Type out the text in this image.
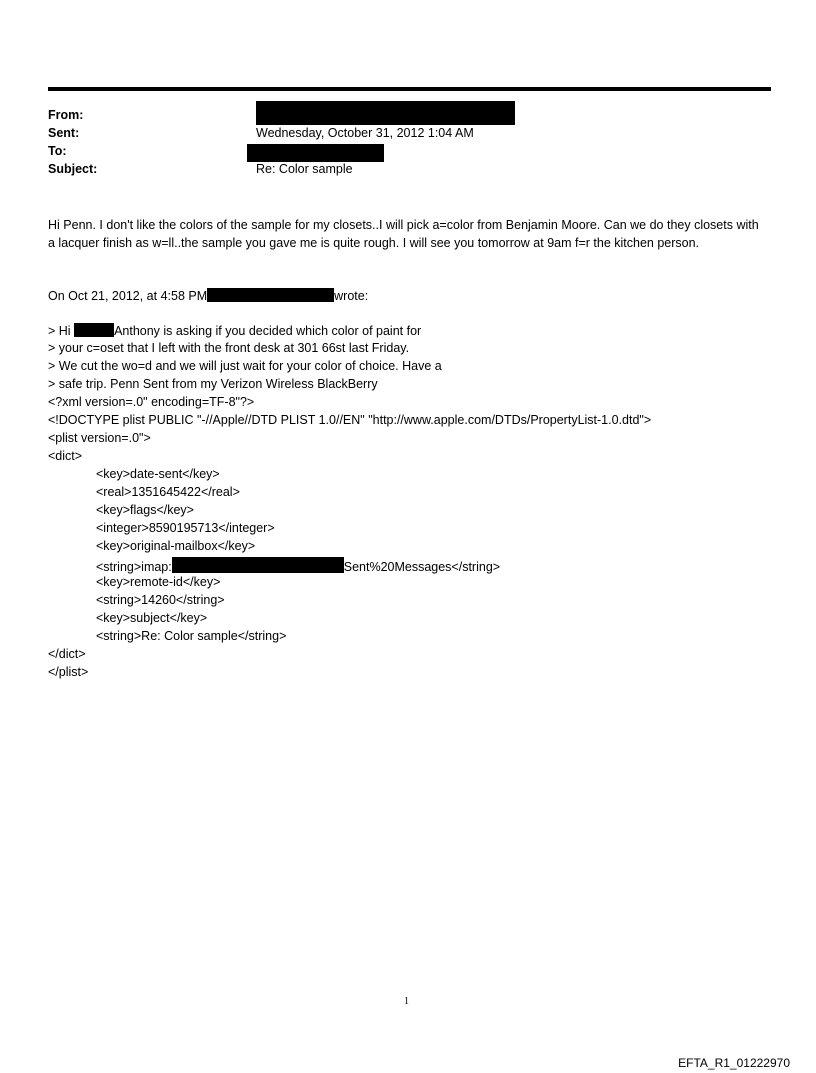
From:
Sent:	Wednesday, October 31, 2012 1:04 AM
To:
Subject:	Re: Color sample
Hi Penn. I don't like the colors of the sample for my closets..I will pick a=color from Benjamin Moore. Can we do they closets with a lacquer finish as w=ll..the sample you gave me is quite rough. I will see you tomorrow at 9am f=r the kitchen person.
On Oct 21, 2012, at 4:58 PM	wrote:
> Hi	Anthony is asking if you decided which color of paint for
> your c=oset that I left with the front desk at 301 66st last Friday.
> We cut the wo=d and we will just wait for your color of choice. Have a
> safe trip. Penn Sent from my Verizon Wireless BlackBerry
<?xml version=.0" encoding=TF-8"?>
<!DOCTYPE plist PUBLIC "-//Apple//DTD PLIST 1.0//EN" "http://www.apple.com/DTDs/PropertyList-1.0.dtd">
<plist version=.0">
<dict>
<key>date-sent</key>
<real>1351645422</real>
<key>flags</key>
<integer>8590195713</integer>
<key>original-mailbox</key>
<string>imap:	Sent%20Messages</string>
<key>remote-id</key>
<string>14260</string>
<key>subject</key>
<string>Re: Color sample</string>
</dict>
</plist>
1
EFTA_R1_01222970
